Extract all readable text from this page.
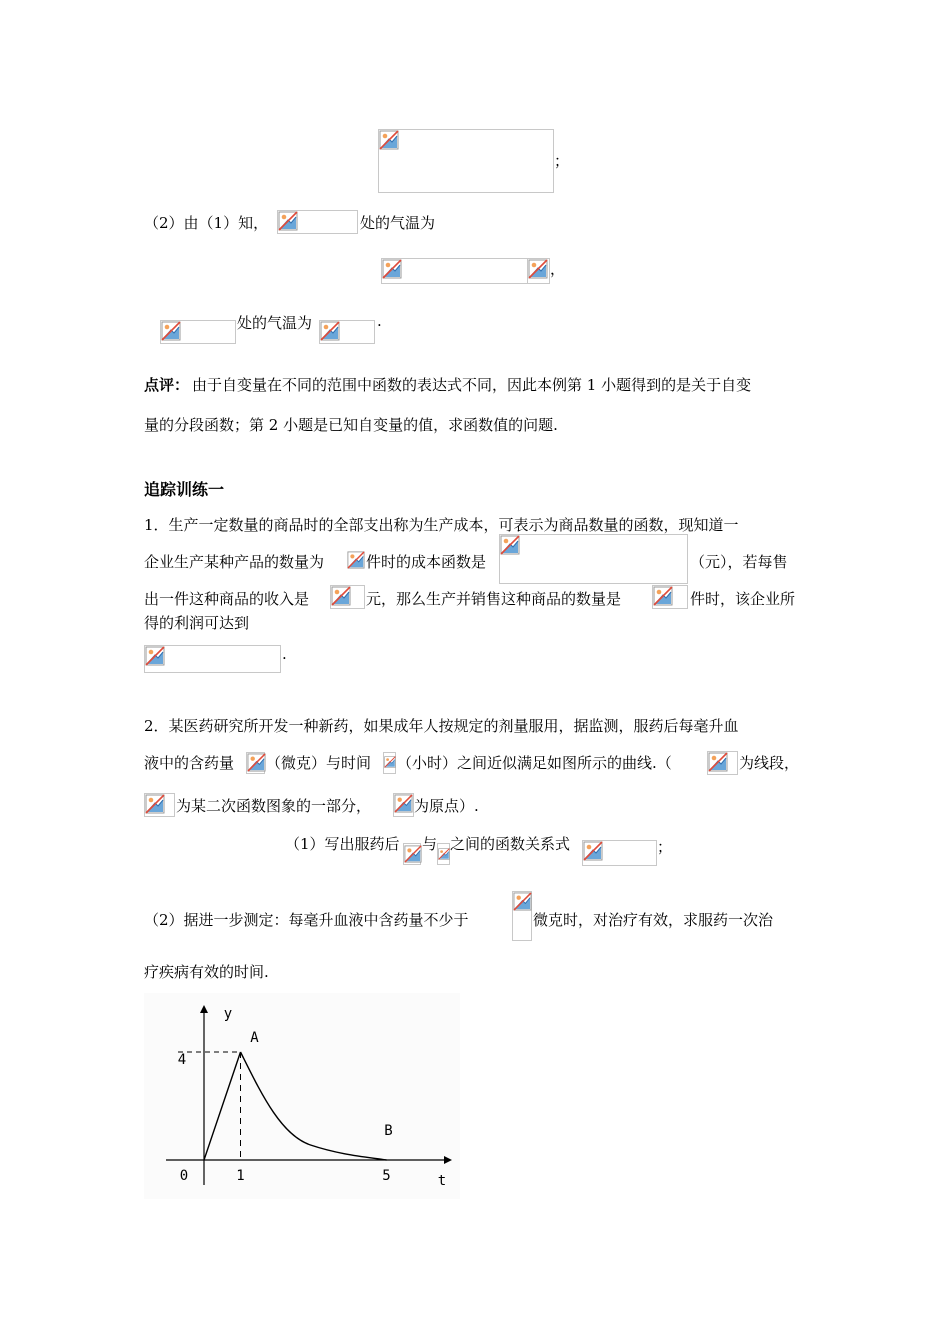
；
（2）由（1）知，	处的气温为
，
处的气温为	.
点评： 由于自变量在不同的范围中函数的表达式不同，因此本例第 1 小题得到的是关于自变
量的分段函数；第 2 小题是已知自变量的值，求函数值的问题.
追踪训练一
1．生产一定数量的商品时的全部支出称为生产成本，可表示为商品数量的函数，现知道一
企业生产某种产品的数量为	件时的成本函数是	（元），若每售
出一件这种商品的收入是	元，那么生产并销售这种商品的数量是	件时，该企业所
得的利润可达到
.
2．某医药研究所开发一种新药，如果成年人按规定的剂量服用，据监测，服药后每毫升血
液中的含药量 （微克）与时间 （小时）之间近似满足如图所示的曲线.（	为线段，
为某二次函数图象的一部分，	为原点）.
（1）写出服药后 与 之间的函数关系式	；
（2）据进一步测定：每毫升血液中含药量不少于	微克时，对治疗有效，求服药一次治
疗疾病有效的时间.
y
A
4
B
0	1	5	t
